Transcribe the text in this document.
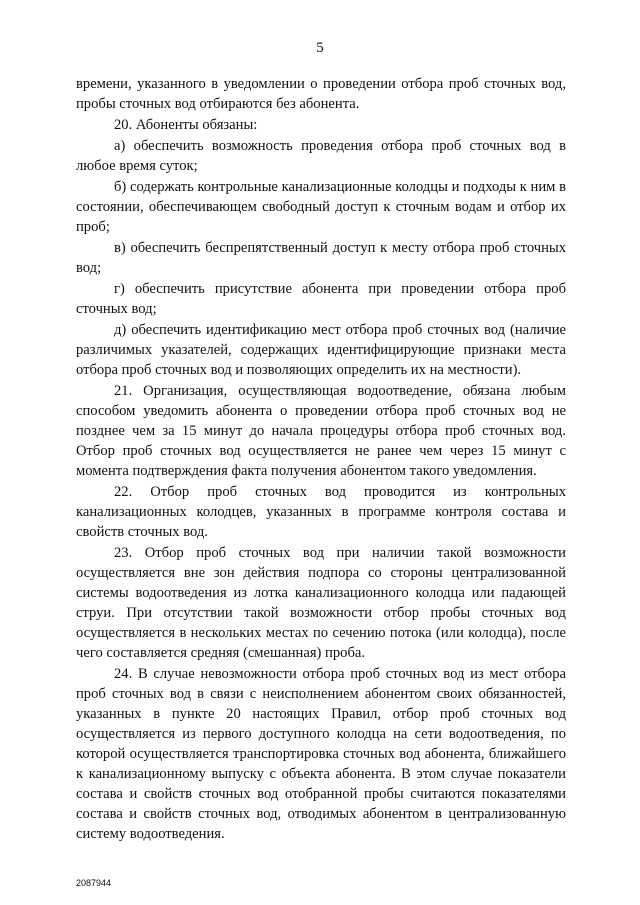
5

времени, указанного в уведомлении о проведении отбора проб сточных вод, пробы сточных вод отбираются без абонента.

20. Абоненты обязаны:

а) обеспечить возможность проведения отбора проб сточных вод в любое время суток;

б) содержать контрольные канализационные колодцы и подходы к ним в состоянии, обеспечивающем свободный доступ к сточным водам и отбор их проб;

в) обеспечить беспрепятственный доступ к месту отбора проб сточных вод;

г) обеспечить присутствие абонента при проведении отбора проб сточных вод;

д) обеспечить идентификацию мест отбора проб сточных вод (наличие различимых указателей, содержащих идентифицирующие признаки места отбора проб сточных вод и позволяющих определить их на местности).

21. Организация, осуществляющая водоотведение, обязана любым способом уведомить абонента о проведении отбора проб сточных вод не позднее чем за 15 минут до начала процедуры отбора проб сточных вод. Отбор проб сточных вод осуществляется не ранее чем через 15 минут с момента подтверждения факта получения абонентом такого уведомления.

22. Отбор проб сточных вод проводится из контрольных канализационных колодцев, указанных в программе контроля состава и свойств сточных вод.

23. Отбор проб сточных вод при наличии такой возможности осуществляется вне зон действия подпора со стороны централизованной системы водоотведения из лотка канализационного колодца или падающей струи. При отсутствии такой возможности отбор пробы сточных вод осуществляется в нескольких местах по сечению потока (или колодца), после чего составляется средняя (смешанная) проба.

24. В случае невозможности отбора проб сточных вод из мест отбора проб сточных вод в связи с неисполнением абонентом своих обязанностей, указанных в пункте 20 настоящих Правил, отбор проб сточных вод осуществляется из первого доступного колодца на сети водоотведения, по которой осуществляется транспортировка сточных вод абонента, ближайшего к канализационному выпуску с объекта абонента. В этом случае показатели состава и свойств сточных вод отобранной пробы считаются показателями состава и свойств сточных вод, отводимых абонентом в централизованную систему водоотведения.

2087944
